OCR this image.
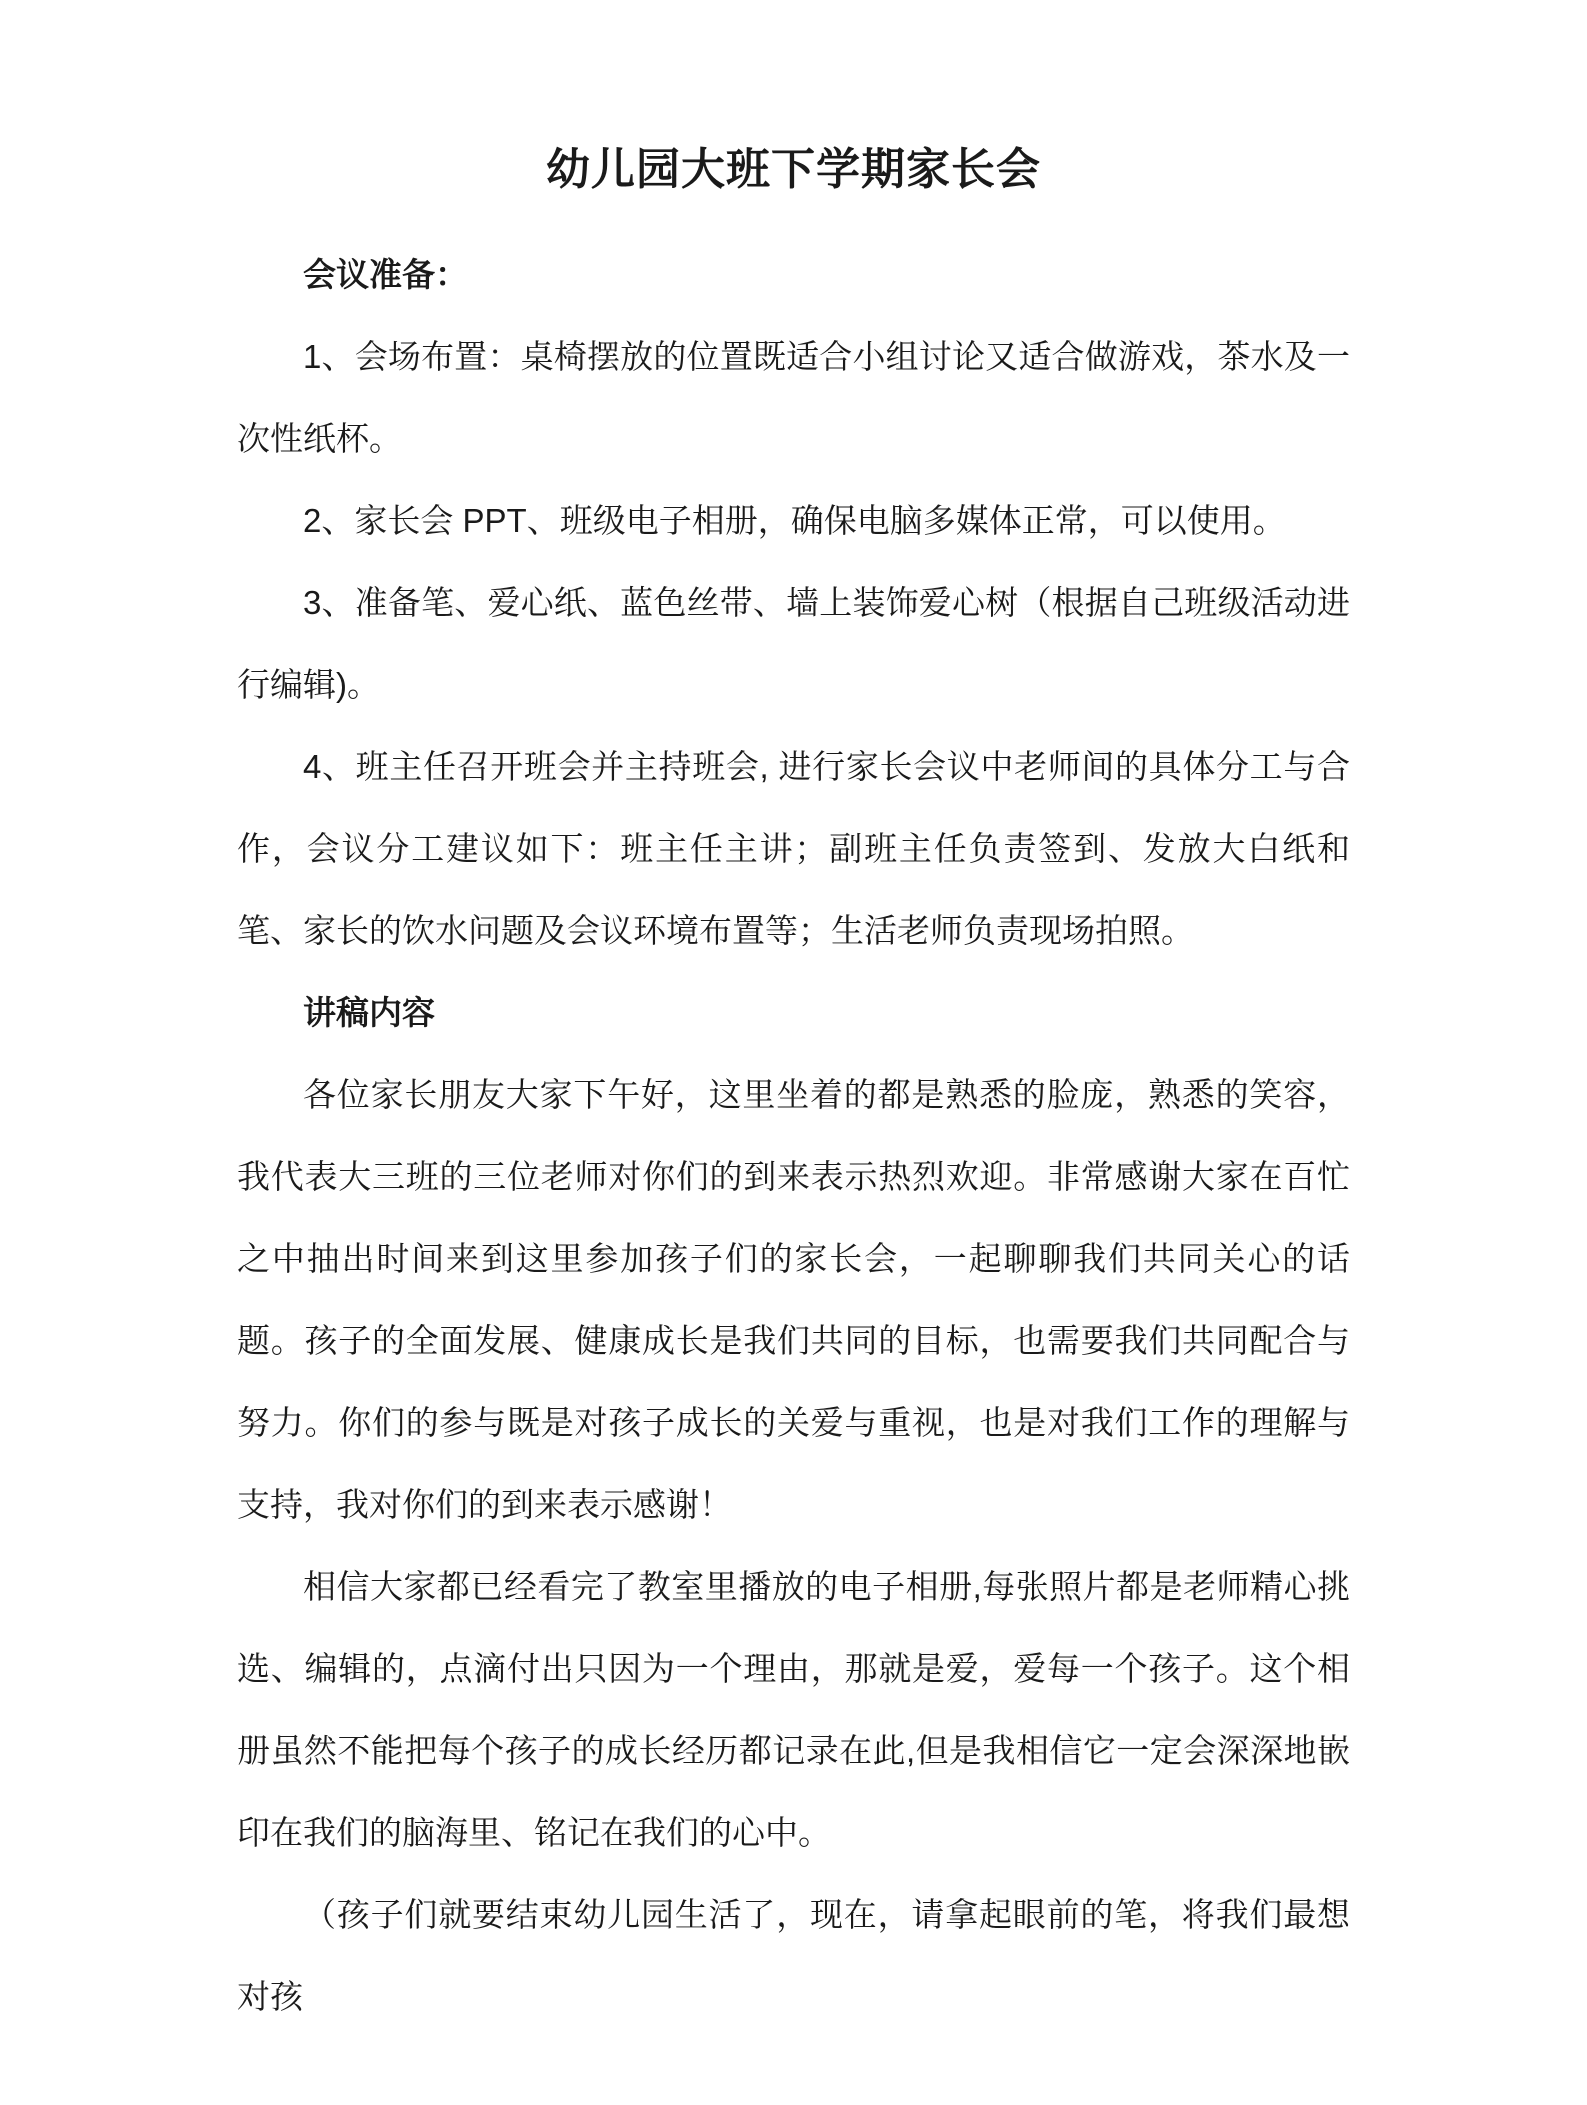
幼儿园大班下学期家长会

会议准备：

1、会场布置：桌椅摆放的位置既适合小组讨论又适合做游戏，茶水及一次性纸杯。

2、家长会 PPT、班级电子相册，确保电脑多媒体正常，可以使用。

3、准备笔、爱心纸、蓝色丝带、墙上装饰爱心树（根据自己班级活动进行编辑)。

4、班主任召开班会并主持班会, 进行家长会议中老师间的具体分工与合作，会议分工建议如下：班主任主讲；副班主任负责签到、发放大白纸和笔、家长的饮水问题及会议环境布置等；生活老师负责现场拍照。

讲稿内容

各位家长朋友大家下午好，这里坐着的都是熟悉的脸庞，熟悉的笑容，我代表大三班的三位老师对你们的到来表示热烈欢迎。非常感谢大家在百忙之中抽出时间来到这里参加孩子们的家长会，一起聊聊我们共同关心的话题。孩子的全面发展、健康成长是我们共同的目标，也需要我们共同配合与努力。你们的参与既是对孩子成长的关爱与重视，也是对我们工作的理解与支持，我对你们的到来表示感谢！

相信大家都已经看完了教室里播放的电子相册,每张照片都是老师精心挑选、编辑的，点滴付出只因为一个理由，那就是爱，爱每一个孩子。这个相册虽然不能把每个孩子的成长经历都记录在此,但是我相信它一定会深深地嵌印在我们的脑海里、铭记在我们的心中。

（孩子们就要结束幼儿园生活了，现在，请拿起眼前的笔，将我们最想对孩
